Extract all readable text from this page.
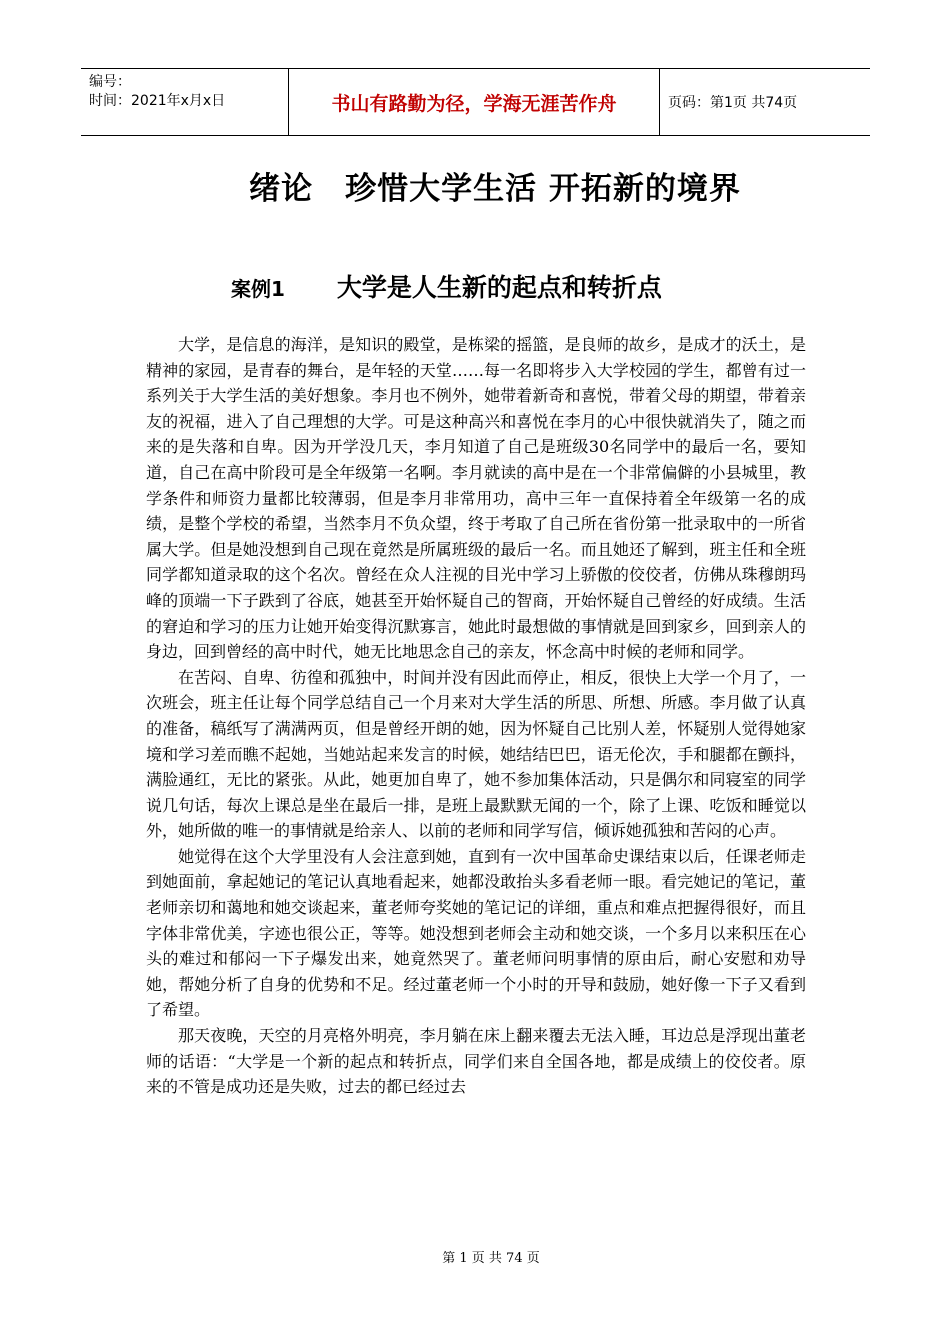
编号：
时间：2021年x月x日	书山有路勤为径，学海无涯苦作舟	页码：第1页 共74页
绪论　珍惜大学生活 开拓新的境界
案例1 大学是人生新的起点和转折点

大学，是信息的海洋，是知识的殿堂，是栋梁的摇篮，是良师的故乡，是成才的沃土，是精神的家园，是青春的舞台，是年轻的天堂……每一名即将步入大学校园的学生，都曾有过一系列关于大学生活的美好想象。李月也不例外，她带着新奇和喜悦，带着父母的期望，带着亲友的祝福，进入了自己理想的大学。可是这种高兴和喜悦在李月的心中很快就消失了，随之而来的是失落和自卑。因为开学没几天，李月知道了自己是班级30名同学中的最后一名，要知道，自己在高中阶段可是全年级第一名啊。李月就读的高中是在一个非常偏僻的小县城里，教学条件和师资力量都比较薄弱，但是李月非常用功，高中三年一直保持着全年级第一名的成绩，是整个学校的希望，当然李月不负众望，终于考取了自己所在省份第一批录取中的一所省属大学。但是她没想到自己现在竟然是所属班级的最后一名。而且她还了解到，班主任和全班同学都知道录取的这个名次。曾经在众人注视的目光中学习上骄傲的佼佼者，仿佛从珠穆朗玛峰的顶端一下子跌到了谷底，她甚至开始怀疑自己的智商，开始怀疑自己曾经的好成绩。生活的窘迫和学习的压力让她开始变得沉默寡言，她此时最想做的事情就是回到家乡，回到亲人的身边，回到曾经的高中时代，她无比地思念自己的亲友，怀念高中时候的老师和同学。

在苦闷、自卑、彷徨和孤独中，时间并没有因此而停止，相反，很快上大学一个月了，一次班会，班主任让每个同学总结自己一个月来对大学生活的所思、所想、所感。李月做了认真的准备，稿纸写了满满两页，但是曾经开朗的她，因为怀疑自己比别人差，怀疑别人觉得她家境和学习差而瞧不起她，当她站起来发言的时候，她结结巴巴，语无伦次，手和腿都在颤抖，满脸通红，无比的紧张。从此，她更加自卑了，她不参加集体活动，只是偶尔和同寝室的同学说几句话，每次上课总是坐在最后一排，是班上最默默无闻的一个，除了上课、吃饭和睡觉以外，她所做的唯一的事情就是给亲人、以前的老师和同学写信，倾诉她孤独和苦闷的心声。

她觉得在这个大学里没有人会注意到她，直到有一次中国革命史课结束以后，任课老师走到她面前，拿起她记的笔记认真地看起来，她都没敢抬头多看老师一眼。看完她记的笔记，董老师亲切和蔼地和她交谈起来，董老师夸奖她的笔记记的详细，重点和难点把握得很好，而且字体非常优美，字迹也很公正，等等。她没想到老师会主动和她交谈，一个多月以来积压在心头的难过和郁闷一下子爆发出来，她竟然哭了。董老师问明事情的原由后，耐心安慰和劝导她，帮她分析了自身的优势和不足。经过董老师一个小时的开导和鼓励，她好像一下子又看到了希望。

那天夜晚，天空的月亮格外明亮，李月躺在床上翻来覆去无法入睡，耳边总是浮现出董老师的话语：“大学是一个新的起点和转折点，同学们来自全国各地，都是成绩上的佼佼者。原来的不管是成功还是失败，过去的都已经过去

第 1 页 共 74 页
